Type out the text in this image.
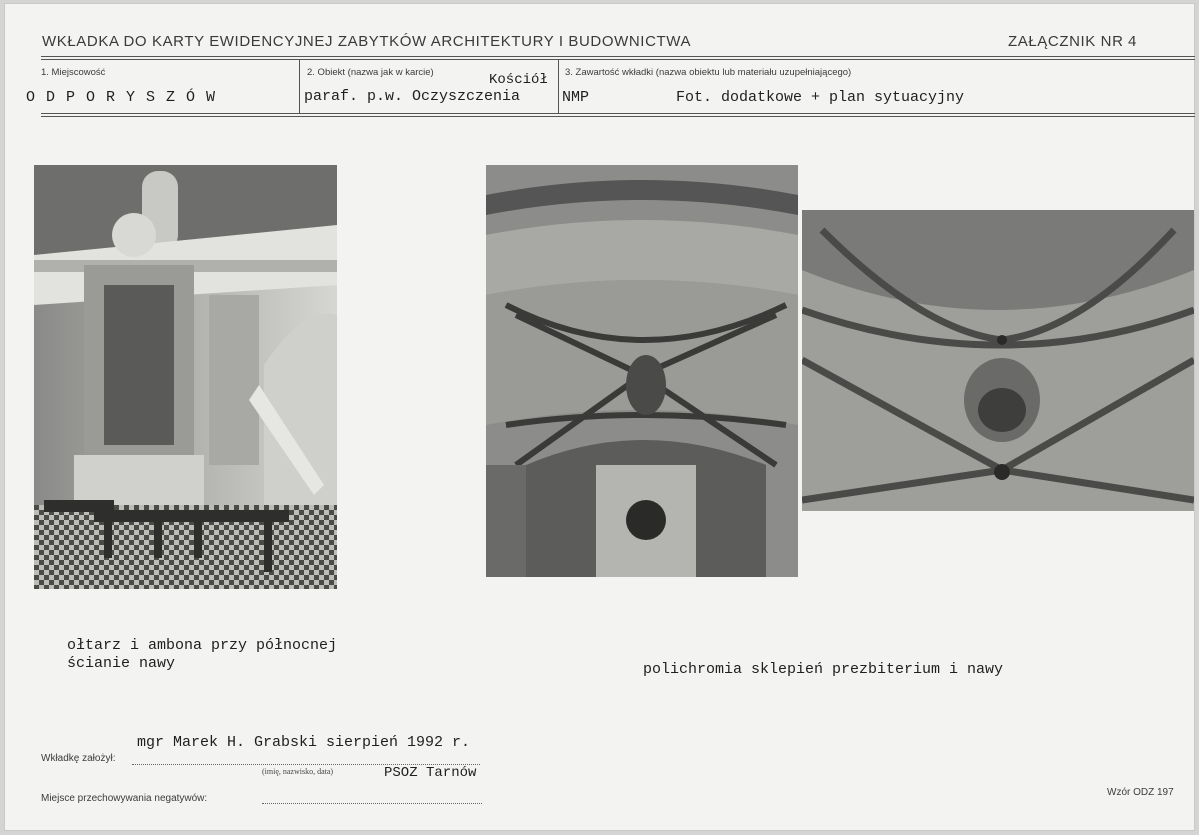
WKŁADKA DO KARTY EWIDENCYJNEJ ZABYTKÓW ARCHITEKTURY I BUDOWNICTWA	ZAŁĄCZNIK NR 4
1. Miejscowość
O D P O R Y S Z Ó W
2. Obiekt (nazwa jak w karcie)	Kościół
paraf. p.w. Oczyszczenia
3. Zawartość wkładki (nazwa obiektu lub materiału uzupełniającego)
NMP	Fot. dodatkowe + plan sytuacyjny
ołtarz i ambona przy północnej
ścianie nawy	polichromia sklepień prezbiterium i nawy
mgr Marek H. Grabski sierpień 1992 r.
Wkładkę założył:
(imię, nazwisko, data)	PSOZ Tarnów
Miejsce przechowywania negatywów:
Wzór ODZ 197
